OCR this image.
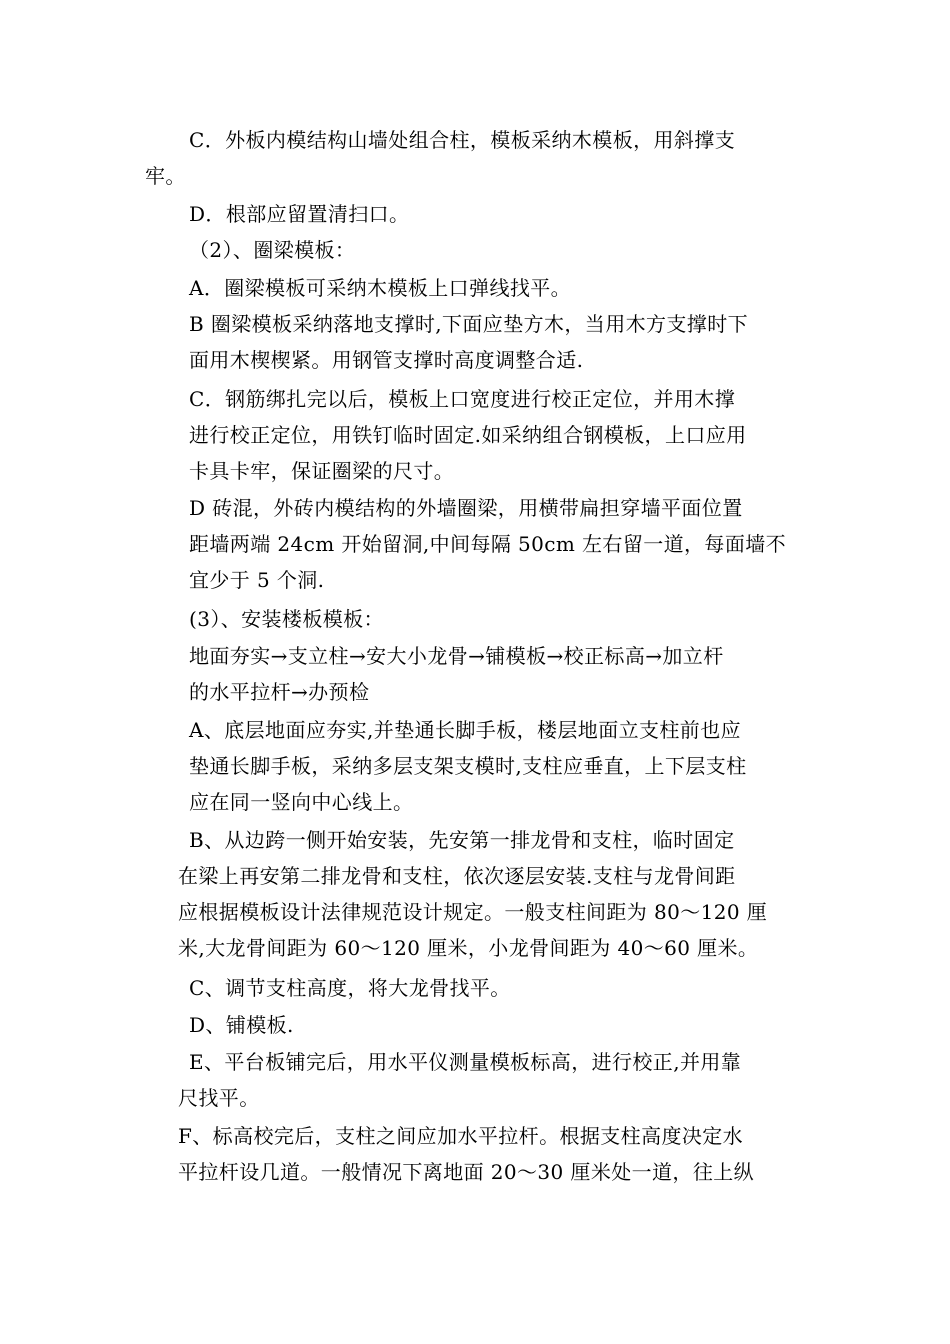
C．外板内模结构山墙处组合柱，模板采纳木模板，用斜撑支
牢。
D．根部应留置清扫口。
（2）、圈梁模板：
A．圈梁模板可采纳木模板上口弹线找平。
B 圈梁模板采纳落地支撑时,下面应垫方木，当用木方支撑时下
面用木楔楔紧。用钢管支撑时高度调整合适.
C．钢筋绑扎完以后，模板上口宽度进行校正定位，并用木撑
进行校正定位，用铁钉临时固定.如采纳组合钢模板，上口应用
卡具卡牢，保证圈梁的尺寸。
D 砖混，外砖内模结构的外墙圈梁，用横带扁担穿墙平面位置
距墙两端 24cm 开始留洞,中间每隔 50cm 左右留一道，每面墙不
宜少于 5 个洞.
(3）、安装楼板模板：
地面夯实→支立柱→安大小龙骨→铺模板→校正标高→加立杆
的水平拉杆→办预检
A、底层地面应夯实,并垫通长脚手板，楼层地面立支柱前也应
垫通长脚手板，采纳多层支架支模时,支柱应垂直，上下层支柱
应在同一竖向中心线上。
B、从边跨一侧开始安装，先安第一排龙骨和支柱，临时固定
在梁上再安第二排龙骨和支柱，依次逐层安装.支柱与龙骨间距
应根据模板设计法律规范设计规定。一般支柱间距为 80～120 厘
米,大龙骨间距为 60～120 厘米，小龙骨间距为 40～60 厘米。
C、调节支柱高度，将大龙骨找平。
D、铺模板.
E、平台板铺完后，用水平仪测量模板标高，进行校正,并用靠
尺找平。
F、标高校完后，支柱之间应加水平拉杆。根据支柱高度决定水
平拉杆设几道。一般情况下离地面 20～30 厘米处一道，往上纵
